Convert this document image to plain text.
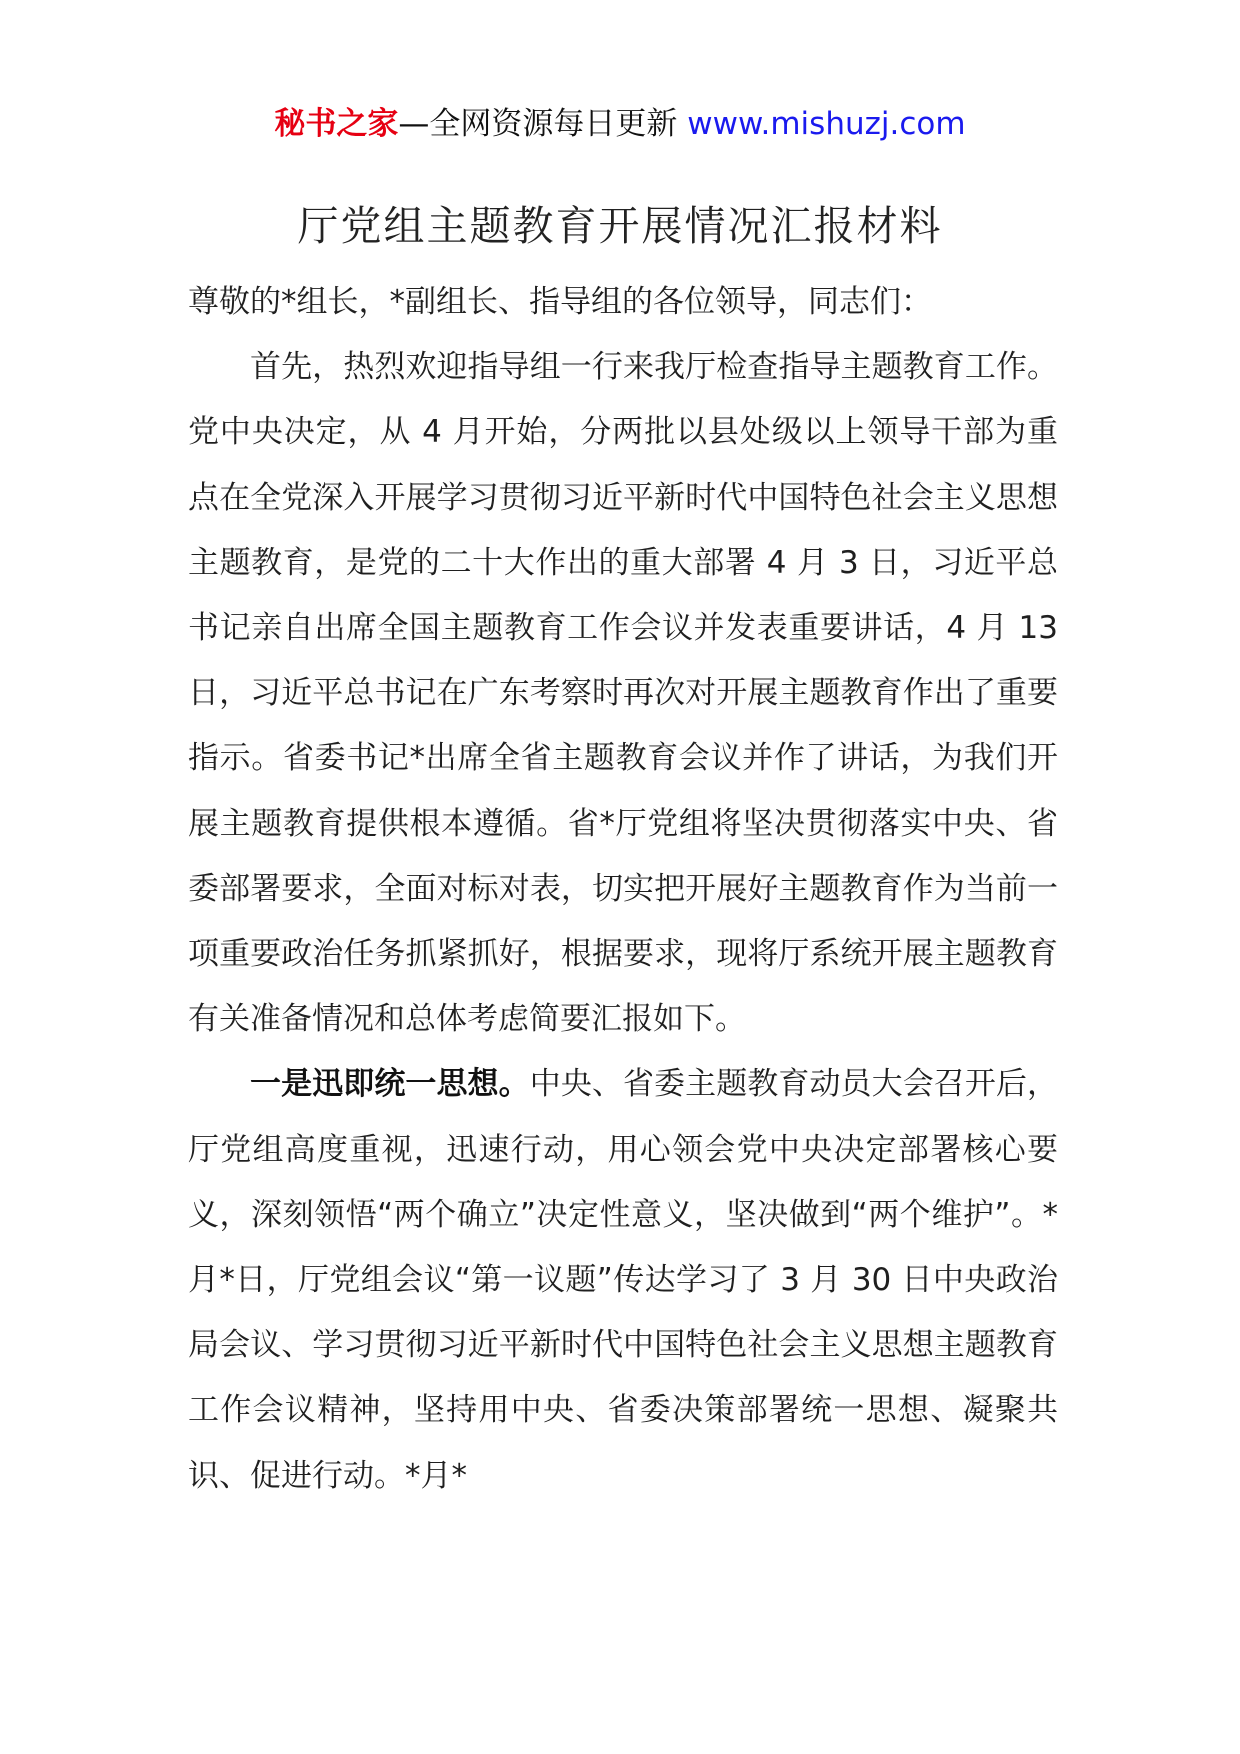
秘书之家—全网资源每日更新 www.mishuzj.com
厅党组主题教育开展情况汇报材料

尊敬的*组长，*副组长、指导组的各位领导，同志们：

首先，热烈欢迎指导组一行来我厅检查指导主题教育工作。党中央决定，从 4 月开始，分两批以县处级以上领导干部为重点在全党深入开展学习贯彻习近平新时代中国特色社会主义思想主题教育，是党的二十大作出的重大部署 4 月 3 日，习近平总书记亲自出席全国主题教育工作会议并发表重要讲话，4 月 13 日，习近平总书记在广东考察时再次对开展主题教育作出了重要指示。省委书记*出席全省主题教育会议并作了讲话，为我们开展主题教育提供根本遵循。省*厅党组将坚决贯彻落实中央、省委部署要求，全面对标对表，切实把开展好主题教育作为当前一项重要政治任务抓紧抓好，根据要求，现将厅系统开展主题教育有关准备情况和总体考虑简要汇报如下。

一是迅即统一思想。中央、省委主题教育动员大会召开后，厅党组高度重视，迅速行动，用心领会党中央决定部署核心要义，深刻领悟“两个确立”决定性意义，坚决做到“两个维护”。*月*日，厅党组会议“第一议题”传达学习了 3 月 30 日中央政治局会议、学习贯彻习近平新时代中国特色社会主义思想主题教育工作会议精神，坚持用中央、省委决策部署统一思想、凝聚共识、促进行动。*月*
